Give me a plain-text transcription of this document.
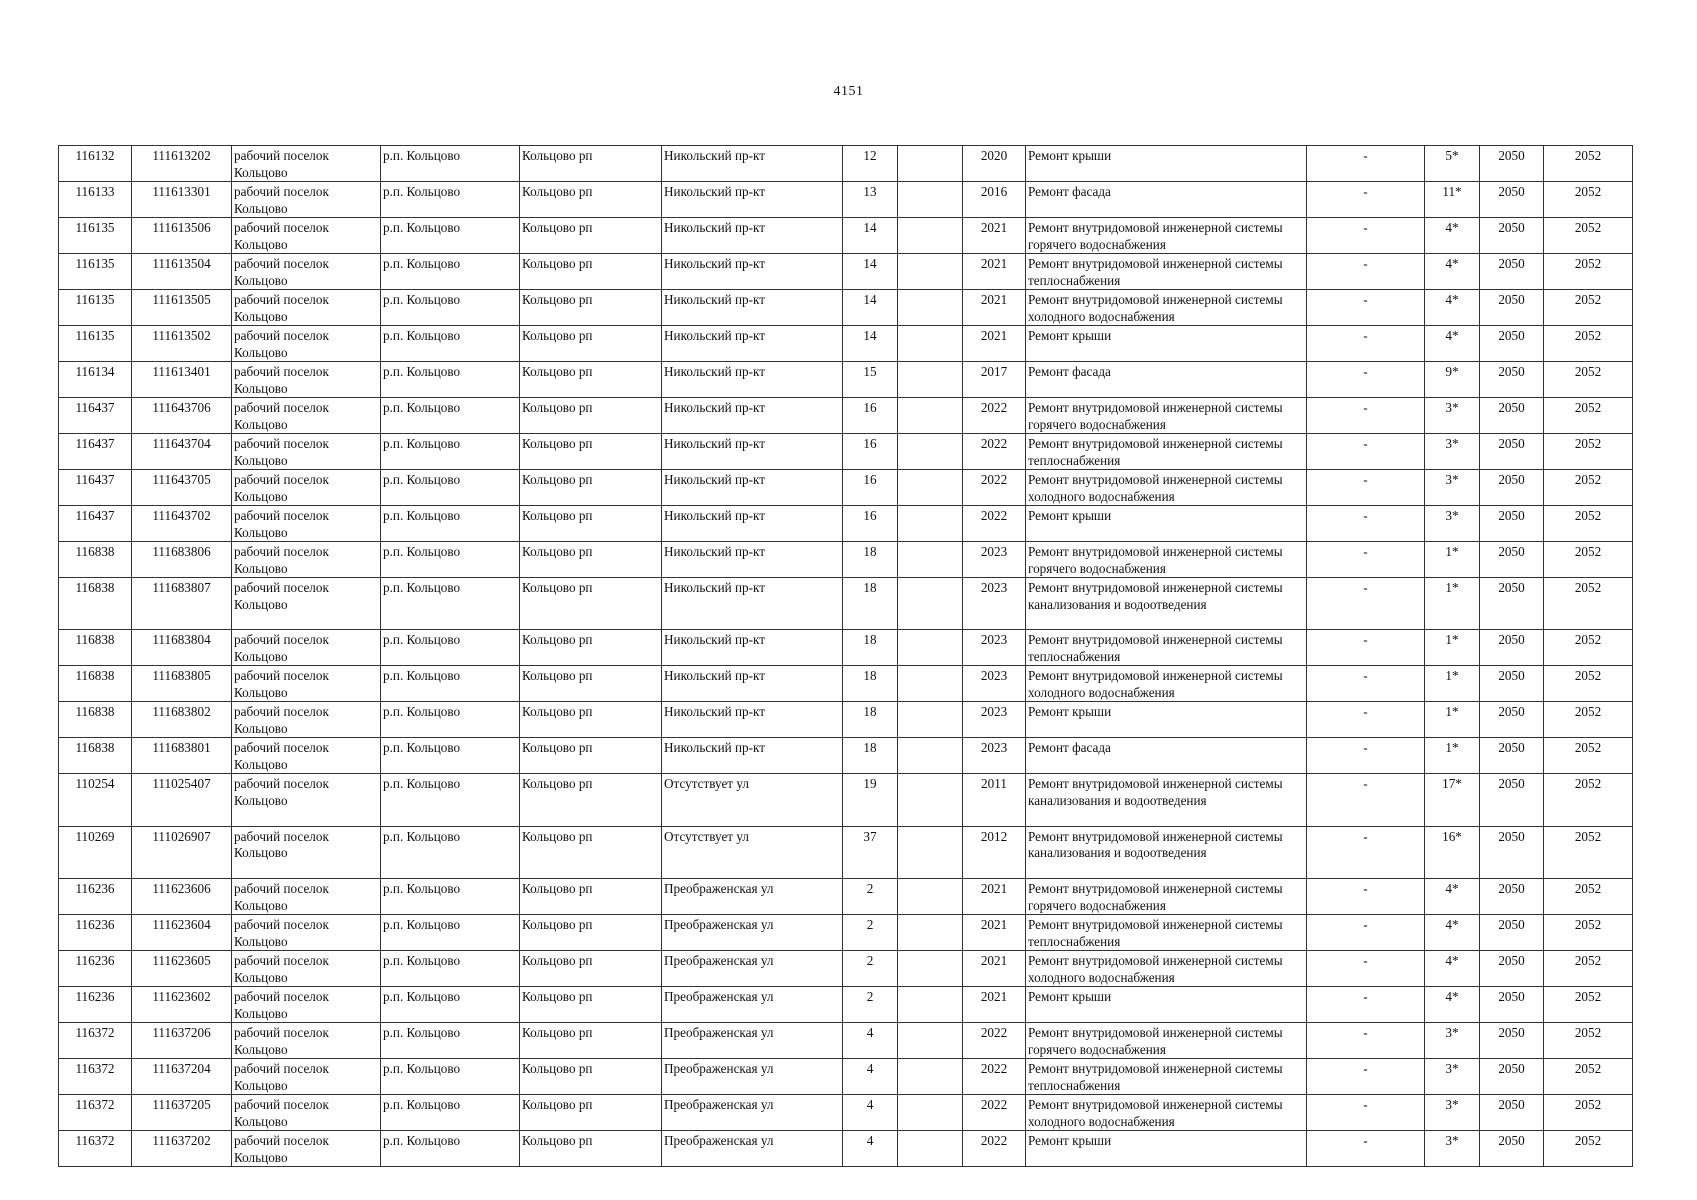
4151
116132	111613202	рабочий поселок Кольцово	р.п. Кольцово	Кольцово рп	Никольский пр-кт	12		2020	Ремонт крыши	-	5*	2050	2052
116133	111613301	рабочий поселок Кольцово	р.п. Кольцово	Кольцово рп	Никольский пр-кт	13		2016	Ремонт фасада	-	11*	2050	2052
116135	111613506	рабочий поселок Кольцово	р.п. Кольцово	Кольцово рп	Никольский пр-кт	14		2021	Ремонт внутридомовой инженерной системы горячего водоснабжения	-	4*	2050	2052
116135	111613504	рабочий поселок Кольцово	р.п. Кольцово	Кольцово рп	Никольский пр-кт	14		2021	Ремонт внутридомовой инженерной системы теплоснабжения	-	4*	2050	2052
116135	111613505	рабочий поселок Кольцово	р.п. Кольцово	Кольцово рп	Никольский пр-кт	14		2021	Ремонт внутридомовой инженерной системы холодного водоснабжения	-	4*	2050	2052
116135	111613502	рабочий поселок Кольцово	р.п. Кольцово	Кольцово рп	Никольский пр-кт	14		2021	Ремонт крыши	-	4*	2050	2052
116134	111613401	рабочий поселок Кольцово	р.п. Кольцово	Кольцово рп	Никольский пр-кт	15		2017	Ремонт фасада	-	9*	2050	2052
116437	111643706	рабочий поселок Кольцово	р.п. Кольцово	Кольцово рп	Никольский пр-кт	16		2022	Ремонт внутридомовой инженерной системы горячего водоснабжения	-	3*	2050	2052
116437	111643704	рабочий поселок Кольцово	р.п. Кольцово	Кольцово рп	Никольский пр-кт	16		2022	Ремонт внутридомовой инженерной системы теплоснабжения	-	3*	2050	2052
116437	111643705	рабочий поселок Кольцово	р.п. Кольцово	Кольцово рп	Никольский пр-кт	16		2022	Ремонт внутридомовой инженерной системы холодного водоснабжения	-	3*	2050	2052
116437	111643702	рабочий поселок Кольцово	р.п. Кольцово	Кольцово рп	Никольский пр-кт	16		2022	Ремонт крыши	-	3*	2050	2052
116838	111683806	рабочий поселок Кольцово	р.п. Кольцово	Кольцово рп	Никольский пр-кт	18		2023	Ремонт внутридомовой инженерной системы горячего водоснабжения	-	1*	2050	2052
116838	111683807	рабочий поселок Кольцово	р.п. Кольцово	Кольцово рп	Никольский пр-кт	18		2023	Ремонт внутридомовой инженерной системы канализования и водоотведения	-	1*	2050	2052
116838	111683804	рабочий поселок Кольцово	р.п. Кольцово	Кольцово рп	Никольский пр-кт	18		2023	Ремонт внутридомовой инженерной системы теплоснабжения	-	1*	2050	2052
116838	111683805	рабочий поселок Кольцово	р.п. Кольцово	Кольцово рп	Никольский пр-кт	18		2023	Ремонт внутридомовой инженерной системы холодного водоснабжения	-	1*	2050	2052
116838	111683802	рабочий поселок Кольцово	р.п. Кольцово	Кольцово рп	Никольский пр-кт	18		2023	Ремонт крыши	-	1*	2050	2052
116838	111683801	рабочий поселок Кольцово	р.п. Кольцово	Кольцово рп	Никольский пр-кт	18		2023	Ремонт фасада	-	1*	2050	2052
110254	111025407	рабочий поселок Кольцово	р.п. Кольцово	Кольцово рп	Отсутствует ул	19		2011	Ремонт внутридомовой инженерной системы канализования и водоотведения	-	17*	2050	2052
110269	111026907	рабочий поселок Кольцово	р.п. Кольцово	Кольцово рп	Отсутствует ул	37		2012	Ремонт внутридомовой инженерной системы канализования и водоотведения	-	16*	2050	2052
116236	111623606	рабочий поселок Кольцово	р.п. Кольцово	Кольцово рп	Преображенская ул	2		2021	Ремонт внутридомовой инженерной системы горячего водоснабжения	-	4*	2050	2052
116236	111623604	рабочий поселок Кольцово	р.п. Кольцово	Кольцово рп	Преображенская ул	2		2021	Ремонт внутридомовой инженерной системы теплоснабжения	-	4*	2050	2052
116236	111623605	рабочий поселок Кольцово	р.п. Кольцово	Кольцово рп	Преображенская ул	2		2021	Ремонт внутридомовой инженерной системы холодного водоснабжения	-	4*	2050	2052
116236	111623602	рабочий поселок Кольцово	р.п. Кольцово	Кольцово рп	Преображенская ул	2		2021	Ремонт крыши	-	4*	2050	2052
116372	111637206	рабочий поселок Кольцово	р.п. Кольцово	Кольцово рп	Преображенская ул	4		2022	Ремонт внутридомовой инженерной системы горячего водоснабжения	-	3*	2050	2052
116372	111637204	рабочий поселок Кольцово	р.п. Кольцово	Кольцово рп	Преображенская ул	4		2022	Ремонт внутридомовой инженерной системы теплоснабжения	-	3*	2050	2052
116372	111637205	рабочий поселок Кольцово	р.п. Кольцово	Кольцово рп	Преображенская ул	4		2022	Ремонт внутридомовой инженерной системы холодного водоснабжения	-	3*	2050	2052
116372	111637202	рабочий поселок Кольцово	р.п. Кольцово	Кольцово рп	Преображенская ул	4		2022	Ремонт крыши	-	3*	2050	2052
